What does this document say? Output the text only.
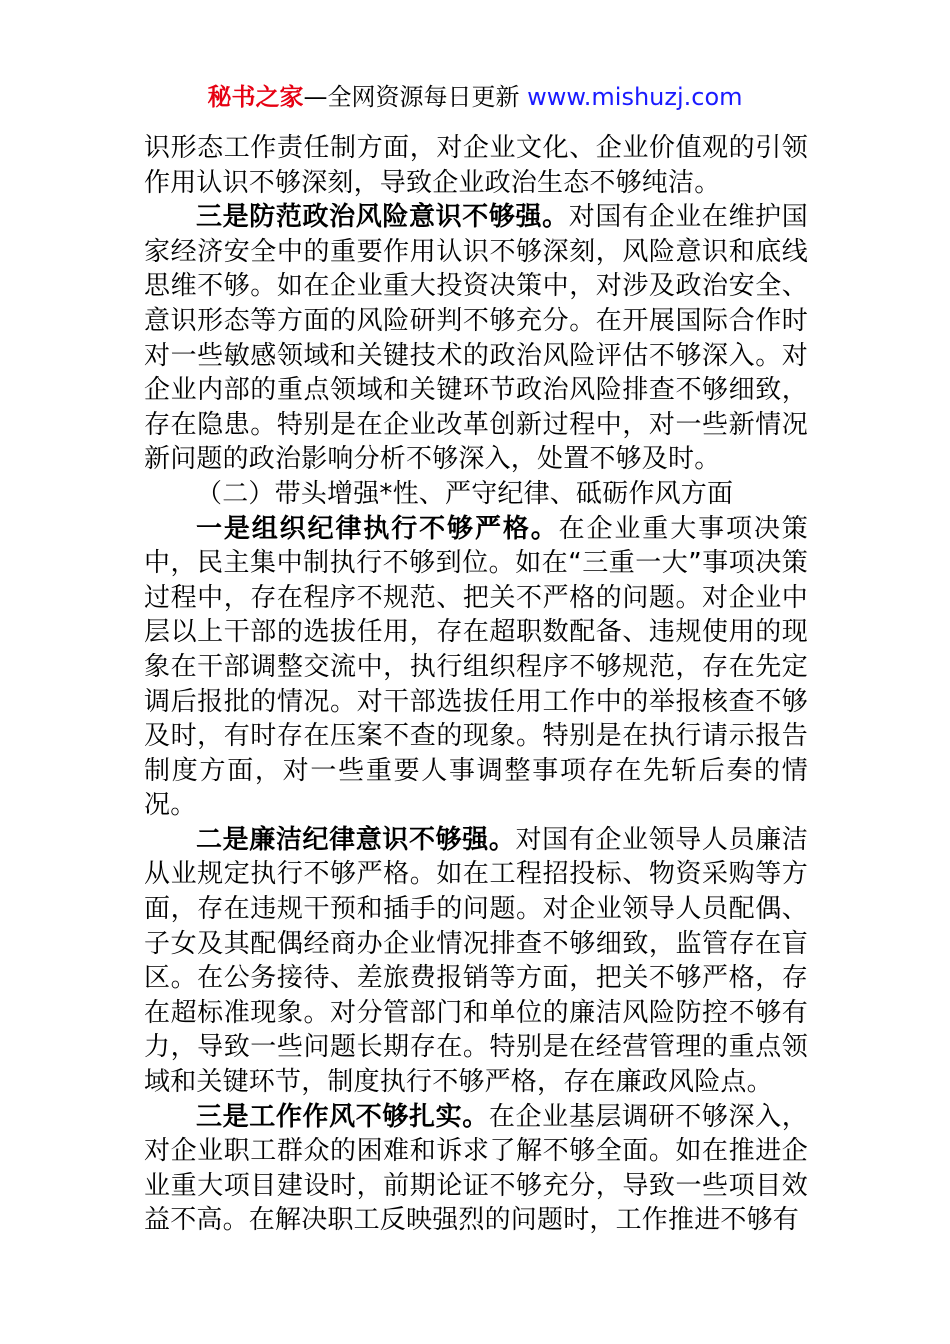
秘书之家—全网资源每日更新 www.mishuzj.com

识形态工作责任制方面，对企业文化、企业价值观的引领作用认识不够深刻，导致企业政治生态不够纯洁。

三是防范政治风险意识不够强。对国有企业在维护国家经济安全中的重要作用认识不够深刻，风险意识和底线思维不够。如在企业重大投资决策中，对涉及政治安全、意识形态等方面的风险研判不够充分。在开展国际合作时对一些敏感领域和关键技术的政治风险评估不够深入。对企业内部的重点领域和关键环节政治风险排查不够细致，存在隐患。特别是在企业改革创新过程中，对一些新情况新问题的政治影响分析不够深入，处置不够及时。

（二）带头增强*性、严守纪律、砥砺作风方面

一是组织纪律执行不够严格。在企业重大事项决策中，民主集中制执行不够到位。如在“三重一大”事项决策过程中，存在程序不规范、把关不严格的问题。对企业中层以上干部的选拔任用，存在超职数配备、违规使用的现象在干部调整交流中，执行组织程序不够规范，存在先定调后报批的情况。对干部选拔任用工作中的举报核查不够及时，有时存在压案不查的现象。特别是在执行请示报告制度方面，对一些重要人事调整事项存在先斩后奏的情况。

二是廉洁纪律意识不够强。对国有企业领导人员廉洁从业规定执行不够严格。如在工程招投标、物资采购等方面，存在违规干预和插手的问题。对企业领导人员配偶、子女及其配偶经商办企业情况排查不够细致，监管存在盲区。在公务接待、差旅费报销等方面，把关不够严格，存在超标准现象。对分管部门和单位的廉洁风险防控不够有力，导致一些问题长期存在。特别是在经营管理的重点领域和关键环节，制度执行不够严格，存在廉政风险点。

三是工作作风不够扎实。在企业基层调研不够深入，对企业职工群众的困难和诉求了解不够全面。如在推进企业重大项目建设时，前期论证不够充分，导致一些项目效益不高。在解决职工反映强烈的问题时，工作推进不够有
